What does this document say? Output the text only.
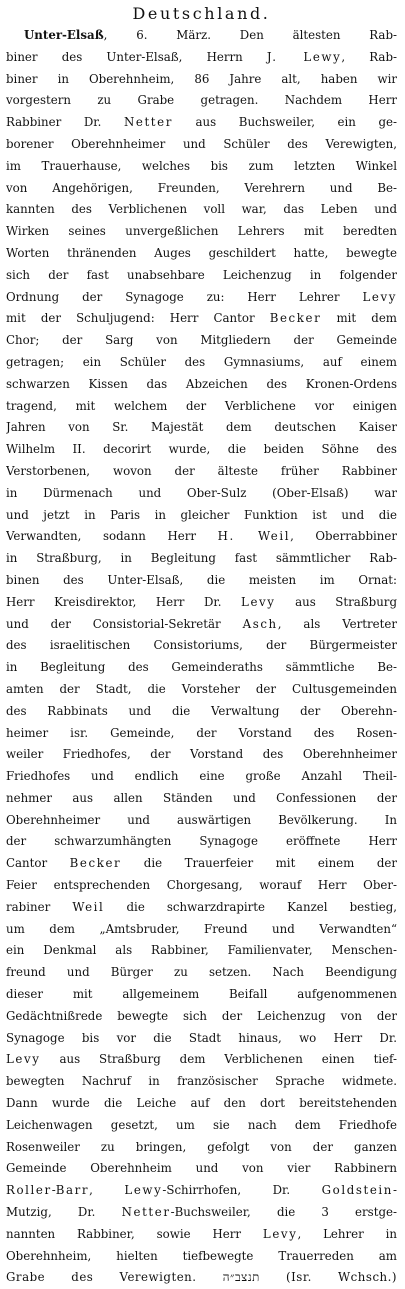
Deutschland.
Unter-Elsaß, 6. März. Den ältesten Rab-
biner des Unter-Elsaß, Herrn J. Lewy, Rab-
biner in Oberehnheim, 86 Jahre alt, haben wir
vorgestern zu Grabe getragen. Nachdem Herr
Rabbiner Dr. Netter aus Buchsweiler, ein ge-
borener Oberehnheimer und Schüler des Verewigten,
im Trauerhause, welches bis zum letzten Winkel
von Angehörigen, Freunden, Verehrern und Be-
kannten des Verblichenen voll war, das Leben und
Wirken seines unvergeßlichen Lehrers mit beredten
Worten thränenden Auges geschildert hatte, bewegte
sich der fast unabsehbare Leichenzug in folgender
Ordnung der Synagoge zu: Herr Lehrer Levy
mit der Schuljugend: Herr Cantor Becker mit dem
Chor; der Sarg von Mitgliedern der Gemeinde
getragen; ein Schüler des Gymnasiums, auf einem
schwarzen Kissen das Abzeichen des Kronen-Ordens
tragend, mit welchem der Verblichene vor einigen
Jahren von Sr. Majestät dem deutschen Kaiser
Wilhelm II. decorirt wurde, die beiden Söhne des
Verstorbenen, wovon der älteste früher Rabbiner
in Dürmenach und Ober-Sulz (Ober-Elsaß) war
und jetzt in Paris in gleicher Funktion ist und die
Verwandten, sodann Herr H. Weil, Oberrabbiner
in Straßburg, in Begleitung fast sämmtlicher Rab-
binen des Unter-Elsaß, die meisten im Ornat:
Herr Kreisdirektor, Herr Dr. Levy aus Straßburg
und der Consistorial-Sekretär Asch, als Vertreter
des israelitischen Consistoriums, der Bürgermeister
in Begleitung des Gemeinderaths sämmtliche Be-
amten der Stadt, die Vorsteher der Cultusgemeinden
des Rabbinats und die Verwaltung der Oberehn-
heimer isr. Gemeinde, der Vorstand des Rosen-
weiler Friedhofes, der Vorstand des Oberehnheimer
Friedhofes und endlich eine große Anzahl Theil-
nehmer aus allen Ständen und Confessionen der
Oberehnheimer und auswärtigen Bevölkerung. In
der schwarzumhängten Synagoge eröffnete Herr
Cantor Becker die Trauerfeier mit einem der
Feier entsprechenden Chorgesang, worauf Herr Ober-
rabiner Weil die schwarzdrapirte Kanzel bestieg,
um dem „Amtsbruder, Freund und Verwandten“
ein Denkmal als Rabbiner, Familienvater, Menschen-
freund und Bürger zu setzen. Nach Beendigung
dieser mit allgemeinem Beifall aufgenommenen
Gedächtnißrede bewegte sich der Leichenzug von der
Synagoge bis vor die Stadt hinaus, wo Herr Dr.
Levy aus Straßburg dem Verblichenen einen tief-
bewegten Nachruf in französischer Sprache widmete.
Dann wurde die Leiche auf den dort bereitstehenden
Leichenwagen gesetzt, um sie nach dem Friedhofe
Rosenweiler zu bringen, gefolgt von der ganzen
Gemeinde Oberehnheim und von vier Rabbinern
Roller-Barr, Lewy-Schirrhofen, Dr. Goldstein-
Mutzig, Dr. Netter-Buchsweiler, die 3 erstge-
nannten Rabbiner, sowie Herr Levy, Lehrer in
Oberehnheim, hielten tiefbewegte Trauerreden am
Grabe des Verewigten. תנצב״ה (Isr. Wchsch.)
